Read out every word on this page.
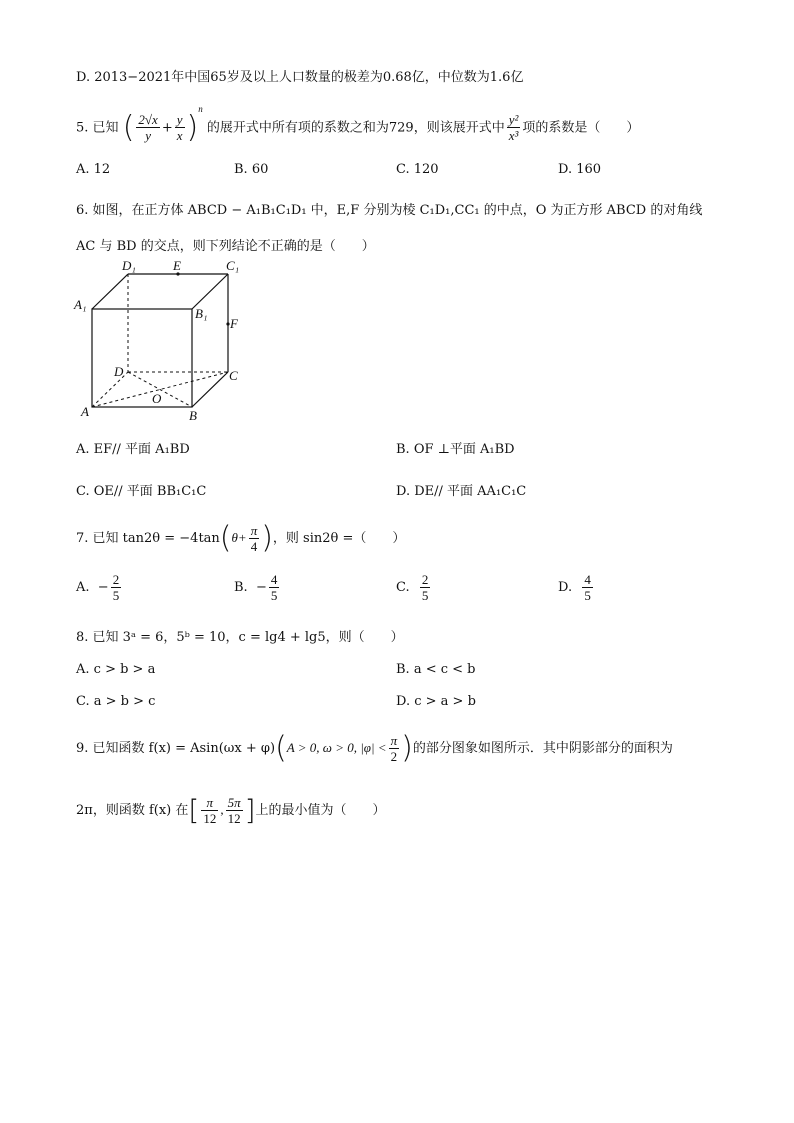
D. 2013−2021年中国65岁及以上人口数量的极差为0.68亿，中位数为1.6亿
5. 已知 ( $\frac{2√x}{y} + \frac{y}{x} )^n$ 的展开式中所有项的系数之和为729，则该展开式中 $\frac{\text{y²}}{\text{x³}}$ 项的系数是（　　）
A. 12	B. 60	C. 120	D. 160
6. 如图，在正方体 ABCD − A₁B₁C₁D₁ 中，E,F 分别为棱 C₁D₁,CC₁ 的中点，O 为正方形 ABCD 的对角线
AC 与 BD 的交点，则下列结论不正确的是（　　）
D₁	E	C₁
A₁
B₁
F
D	C
A
O
B
A. EF// 平面 A₁BD	B. OF ⊥平面 A₁BD
C. OE// 平面 BB₁C₁C	D. DE// 平面 AA₁C₁C
7. 已知 $\tan 2\theta = -4\tan(\theta+ \frac{\pi}{4}$ )，则 sin2θ =（　　）
A. − $\frac{2}{5}$	B. − $\frac{4}{5}$	C. $\frac{2}{5}$	D. $\frac{4}{5}$
8. 已知 3ᵃ = 6，5ᵇ = 10，c = lg4 + lg5，则（　　）
A. c > b > a	B. a < c < b
C. a > b > c	D. c > a > b
9. 已知函数 f(x) = Asin(ωx + φ)(A > 0, ω > 0, $|\varphi| < \frac{\pi}{2}$ )的部分图象如图所示．其中阴影部分的面积为
2π，则函数 f(x) 在[ $\frac{\pi}{12}$ , $\frac{5\pi}{12}$ ]上的最小值为（　　）
